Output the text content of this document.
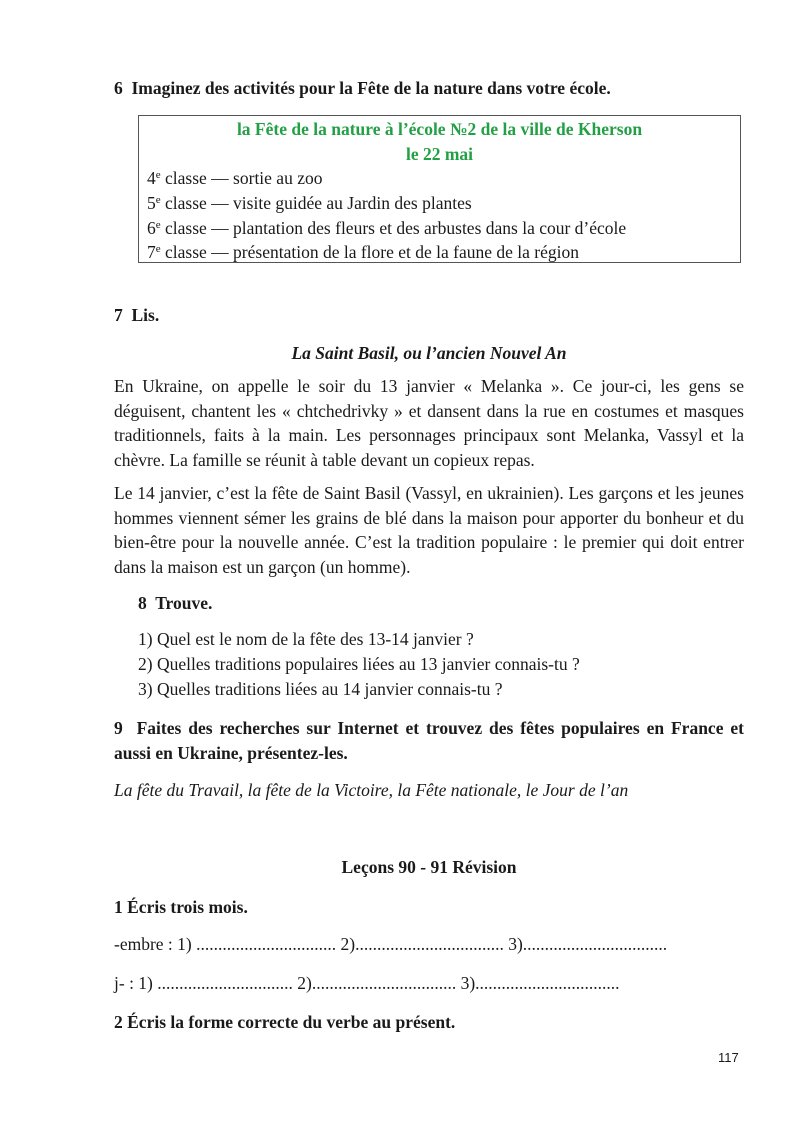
6 Imaginez des activités pour la Fête de la nature dans votre école.
la Fête de la nature à l’école №2 de la ville de Kherson
le 22 mai
4e classe — sortie au zoo
5e classe — visite guidée au Jardin des plantes
6e classe — plantation des fleurs et des arbustes dans la cour d’école
7e classe — présentation de la flore et de la faune de la région
7 Lis.
La Saint Basil, ou l’ancien Nouvel An
En Ukraine, on appelle le soir du 13 janvier « Melanka ». Ce jour-ci, les gens se déguisent, chantent les « chtchedrivky » et dansent dans la rue en costumes et masques traditionnels, faits à la main. Les personnages principaux sont Melanka, Vassyl et la chèvre. La famille se réunit à table devant un copieux repas.
Le 14 janvier, c’est la fête de Saint Basil (Vassyl, en ukrainien). Les garçons et les jeunes hommes viennent sémer les grains de blé dans la maison pour apporter du bonheur et du bien-être pour la nouvelle année. C’est la tradition populaire : le premier qui doit entrer dans la maison est un garçon (un homme).
8 Trouve.
1) Quel est le nom de la fête des 13-14 janvier ?
2) Quelles traditions populaires liées au 13 janvier connais-tu ?
3) Quelles traditions liées au 14 janvier connais-tu ?
9 Faites des recherches sur Internet et trouvez des fêtes populaires en France et aussi en Ukraine, présentez-les.
La fête du Travail, la fête de la Victoire, la Fête nationale, le Jour de l’an
Leçons 90 - 91 Révision
1 Écris trois mois.
-embre : 1) ................................ 2).................................. 3).................................
j- : 1) ............................... 2)................................. 3).................................
2 Écris la forme correcte du verbe au présent.
117
